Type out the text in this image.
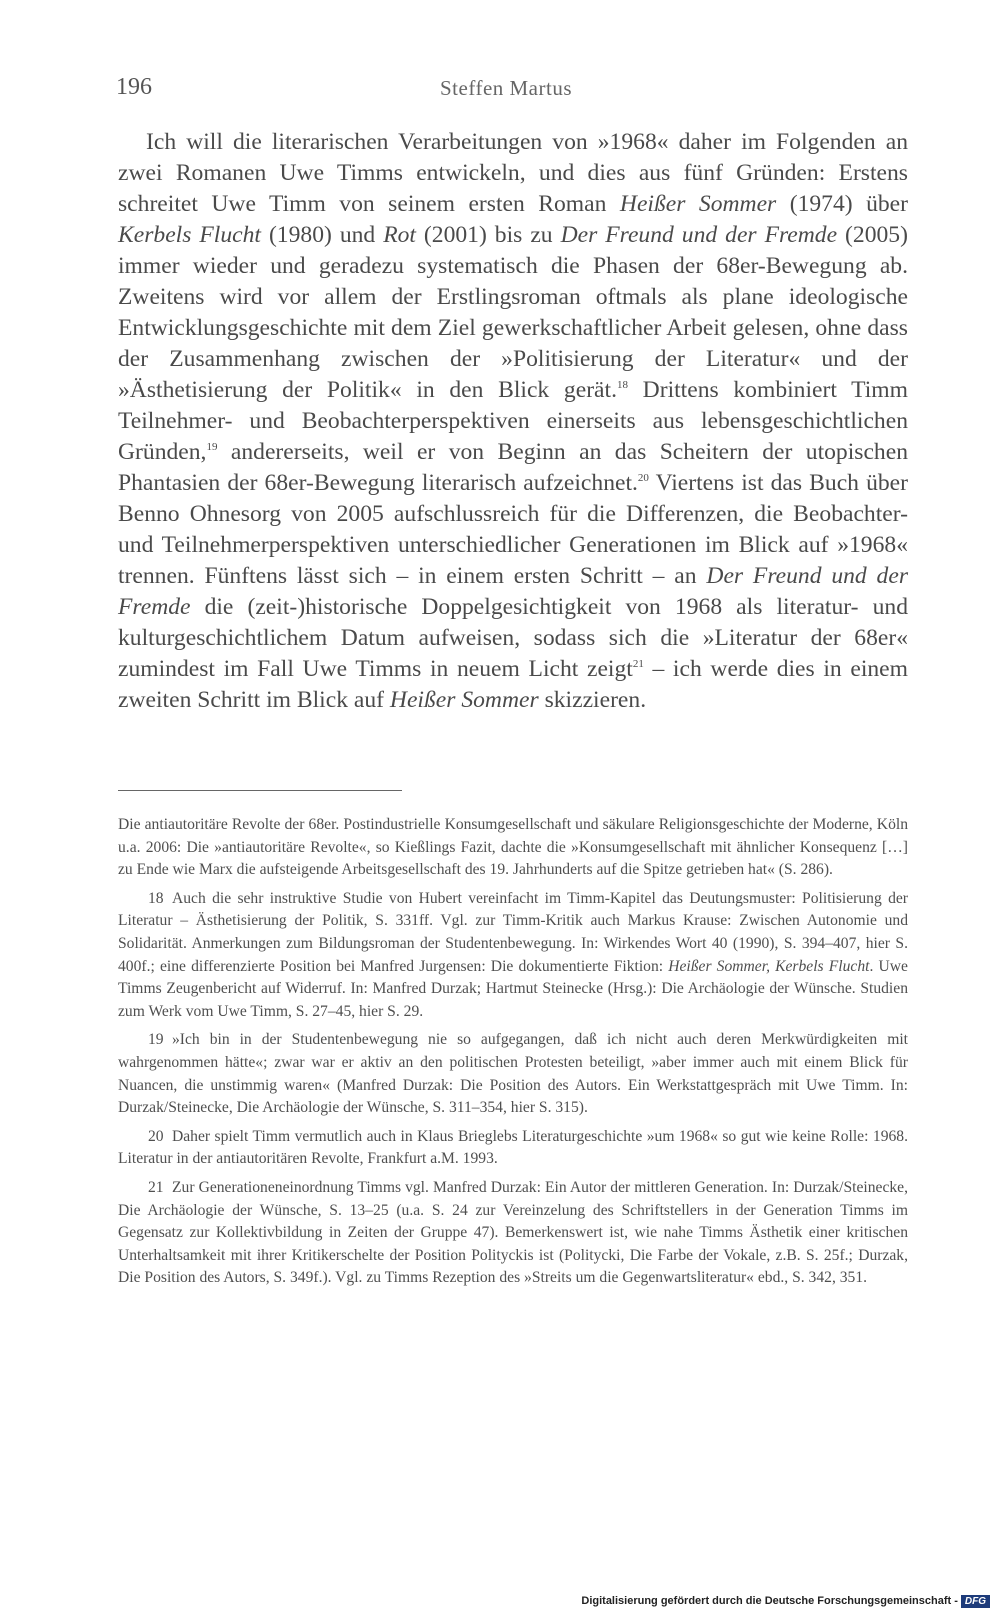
196	Steffen Martus

Ich will die literarischen Verarbeitungen von »1968« daher im Folgenden an zwei Romanen Uwe Timms entwickeln, und dies aus fünf Gründen: Erstens schreitet Uwe Timm von seinem ersten Roman Heißer Sommer (1974) über Kerbels Flucht (1980) und Rot (2001) bis zu Der Freund und der Fremde (2005) immer wieder und geradezu systematisch die Phasen der 68er-Bewegung ab. Zweitens wird vor allem der Erstlingsroman oftmals als plane ideologische Entwicklungsgeschichte mit dem Ziel gewerkschaftlicher Arbeit gelesen, ohne dass der Zusammenhang zwischen der »Politisierung der Literatur« und der »Ästhetisierung der Politik« in den Blick gerät.$^{18}$ Drittens kombiniert Timm Teilnehmer- und Beobachterperspektiven einerseits aus lebensgeschichtlichen Gründen,$^{19}$ andererseits, weil er von Beginn an das Scheitern der utopischen Phantasien der 68er-Bewegung literarisch aufzeichnet.$^{20}$ Viertens ist das Buch über Benno Ohnesorg von 2005 aufschlussreich für die Differenzen, die Beobachter- und Teilnehmerperspektiven unterschiedlicher Generationen im Blick auf »1968« trennen. Fünftens lässt sich – in einem ersten Schritt – an Der Freund und der Fremde die (zeit-)historische Doppelgesichtigkeit von 1968 als literatur- und kulturgeschichtlichem Datum aufweisen, sodass sich die »Literatur der 68er« zumindest im Fall Uwe Timms in neuem Licht zeigt$^{21}$ – ich werde dies in einem zweiten Schritt im Blick auf Heißer Sommer skizzieren.

Die antiautoritäre Revolte der 68er. Postindustrielle Konsumgesellschaft und säkulare Religionsgeschichte der Moderne, Köln u.a. 2006: Die »antiautoritäre Revolte«, so Kießlings Fazit, dachte die »Konsumgesellschaft mit ähnlicher Konsequenz […] zu Ende wie Marx die aufsteigende Arbeitsgesellschaft des 19. Jahrhunderts auf die Spitze getrieben hat« (S. 286).

18 Auch die sehr instruktive Studie von Hubert vereinfacht im Timm-Kapitel das Deutungsmuster: Politisierung der Literatur – Ästhetisierung der Politik, S. 331ff. Vgl. zur Timm-Kritik auch Markus Krause: Zwischen Autonomie und Solidarität. Anmerkungen zum Bildungsroman der Studentenbewegung. In: Wirkendes Wort 40 (1990), S. 394–407, hier S. 400f.; eine differenzierte Position bei Manfred Jurgensen: Die dokumentierte Fiktion: Heißer Sommer, Kerbels Flucht. Uwe Timms Zeugenbericht auf Widerruf. In: Manfred Durzak; Hartmut Steinecke (Hrsg.): Die Archäologie der Wünsche. Studien zum Werk vom Uwe Timm, S. 27–45, hier S. 29.

19 »Ich bin in der Studentenbewegung nie so aufgegangen, daß ich nicht auch deren Merkwürdigkeiten mit wahrgenommen hätte«; zwar war er aktiv an den politischen Protesten beteiligt, »aber immer auch mit einem Blick für Nuancen, die unstimmig waren« (Manfred Durzak: Die Position des Autors. Ein Werkstattgespräch mit Uwe Timm. In: Durzak/Steinecke, Die Archäologie der Wünsche, S. 311–354, hier S. 315).

20 Daher spielt Timm vermutlich auch in Klaus Briegleb​s Literaturgeschichte »um 1968« so gut wie keine Rolle: 1968. Literatur in der antiautoritären Revolte, Frankfurt a.M. 1993.

21 Zur Generationeneinordnung Timms vgl. Manfred Durzak: Ein Autor der mittleren Generation. In: Durzak/Steinecke, Die Archäologie der Wünsche, S. 13–25 (u.a. S. 24 zur Vereinzelung des Schriftstellers in der Generation Timms im Gegensatz zur Kollektivbildung in Zeiten der Gruppe 47). Bemerkenswert ist, wie nahe Timms Ästhetik einer kritischen Unterhaltsamkeit mit ihrer Kritikerschelte der Position Polityckis ist (Politycki, Die Farbe der Vokale, z.B. S. 25f.; Durzak, Die Position des Autors, S. 349f.). Vgl. zu Timms Rezeption des »Streits um die Gegenwartsliteratur« ebd., S. 342, 351.

Digitalisierung gefördert durch die Deutsche Forschungsgemeinschaft - DFG
